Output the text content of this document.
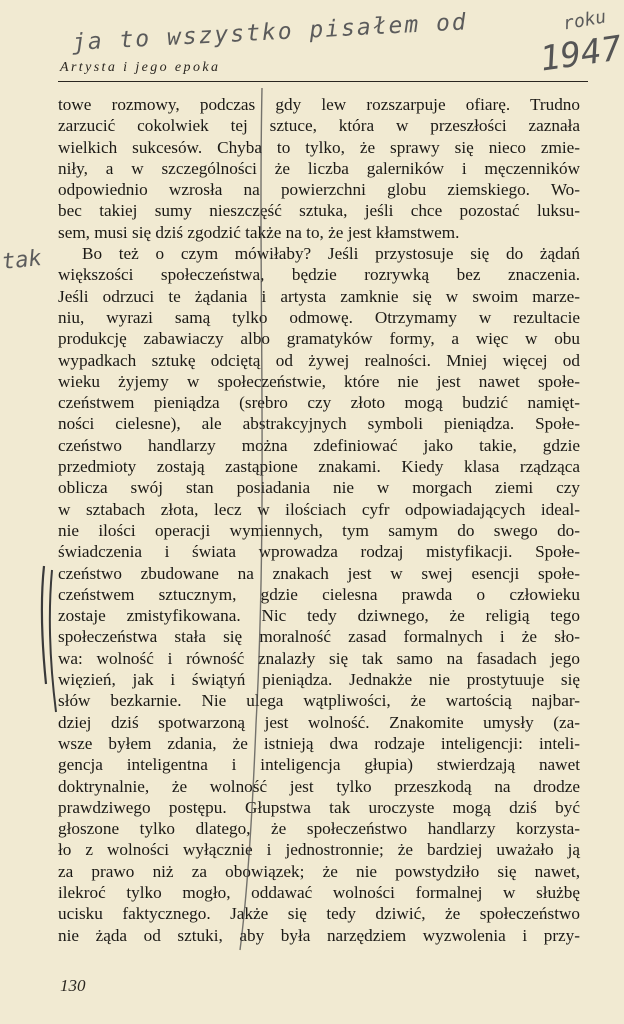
ja to wszystko pisałem od	roku
1947
Artysta i jego epoka
towe rozmowy, podczas gdy lew rozszarpuje ofiarę. Trudno
zarzucić cokolwiek tej sztuce, która w przeszłości zaznała
wielkich sukcesów. Chyba to tylko, że sprawy się nieco zmie-
niły, a w szczególności że liczba galerników i męczenników
odpowiednio wzrosła na powierzchni globu ziemskiego. Wo-
bec takiej sumy nieszczęść sztuka, jeśli chce pozostać luksu-
sem, musi się dziś zgodzić także na to, że jest kłamstwem.
Bo też o czym mówiłaby? Jeśli przystosuje się do żądań
większości społeczeństwa, będzie rozrywką bez znaczenia.
Jeśli odrzuci te żądania i artysta zamknie się w swoim marze-
niu, wyrazi samą tylko odmowę. Otrzymamy w rezultacie
produkcję zabawiaczy albo gramatyków formy, a więc w obu
wypadkach sztukę odciętą od żywej realności. Mniej więcej od
wieku żyjemy w społeczeństwie, które nie jest nawet społe-
czeństwem pieniądza (srebro czy złoto mogą budzić namięt-
ności cielesne), ale abstrakcyjnych symboli pieniądza. Społe-
czeństwo handlarzy można zdefiniować jako takie, gdzie
przedmioty zostają zastąpione znakami. Kiedy klasa rządząca
oblicza swój stan posiadania nie w morgach ziemi czy
w sztabach złota, lecz w ilościach cyfr odpowiadających ideal-
nie ilości operacji wymiennych, tym samym do swego do-
świadczenia i świata wprowadza rodzaj mistyfikacji. Społe-
czeństwo zbudowane na znakach jest w swej esencji społe-
czeństwem sztucznym, gdzie cielesna prawda o człowieku
zostaje zmistyfikowana. Nic tedy dziwnego, że religią tego
społeczeństwa stała się moralność zasad formalnych i że sło-
wa: wolność i równość znalazły się tak samo na fasadach jego
więzień, jak i świątyń pieniądza. Jednakże nie prostytuuje się
słów bezkarnie. Nie ulega wątpliwości, że wartością najbar-
dziej dziś spotwarzoną jest wolność. Znakomite umysły (za-
wsze byłem zdania, że istnieją dwa rodzaje inteligencji: inteli-
gencja inteligentna i inteligencja głupia) stwierdzają nawet
doktrynalnie, że wolność jest tylko przeszkodą na drodze
prawdziwego postępu. Głupstwa tak uroczyste mogą dziś być
głoszone tylko dlatego, że społeczeństwo handlarzy korzysta-
ło z wolności wyłącznie i jednostronnie; że bardziej uważało ją
za prawo niż za obowiązek; że nie powstydziło się nawet,
ilekroć tylko mogło, oddawać wolności formalnej w służbę
ucisku faktycznego. Jakże się tedy dziwić, że społeczeństwo
nie żąda od sztuki, aby była narzędziem wyzwolenia i przy-
tak
130
